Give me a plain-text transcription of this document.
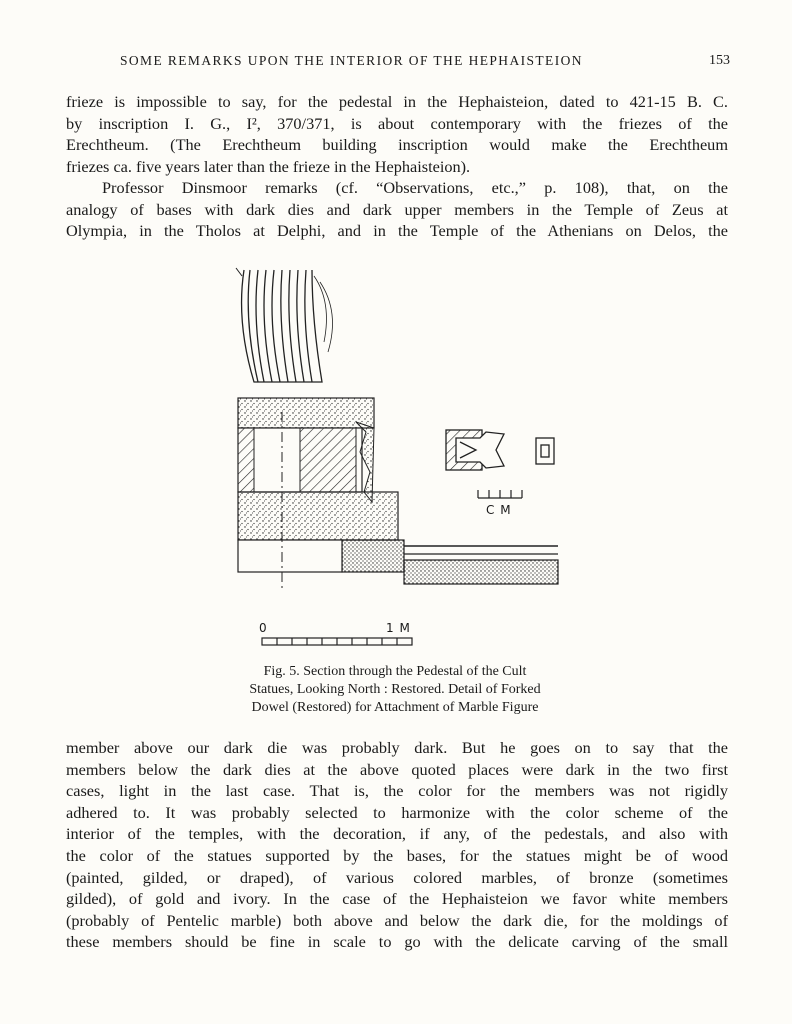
SOME REMARKS UPON THE INTERIOR OF THE HEPHAISTEION	153
frieze is impossible to say, for the pedestal in the Hephaisteion, dated to 421-15 B. C.
by inscription I. G., I², 370/371, is about contemporary with the friezes of the
Erechtheum. (The Erechtheum building inscription would make the Erechtheum
friezes ca. five years later than the frieze in the Hephaisteion).
Professor Dinsmoor remarks (cf. “Observations, etc.,” p. 108), that, on the
analogy of bases with dark dies and dark upper members in the Temple of Zeus at
Olympia, in the Tholos at Delphi, and in the Temple of the Athenians on Delos, the
C M
0	1 M
Fig. 5. Section through the Pedestal of the Cult
Statues, Looking North : Restored. Detail of Forked
Dowel (Restored) for Attachment of Marble Figure
member above our dark die was probably dark. But he goes on to say that the
members below the dark dies at the above quoted places were dark in the two first
cases, light in the last case. That is, the color for the members was not rigidly
adhered to. It was probably selected to harmonize with the color scheme of the
interior of the temples, with the decoration, if any, of the pedestals, and also with
the color of the statues supported by the bases, for the statues might be of wood
(painted, gilded, or draped), of various colored marbles, of bronze (sometimes
gilded), of gold and ivory. In the case of the Hephaisteion we favor white members
(probably of Pentelic marble) both above and below the dark die, for the moldings of
these members should be fine in scale to go with the delicate carving of the small
